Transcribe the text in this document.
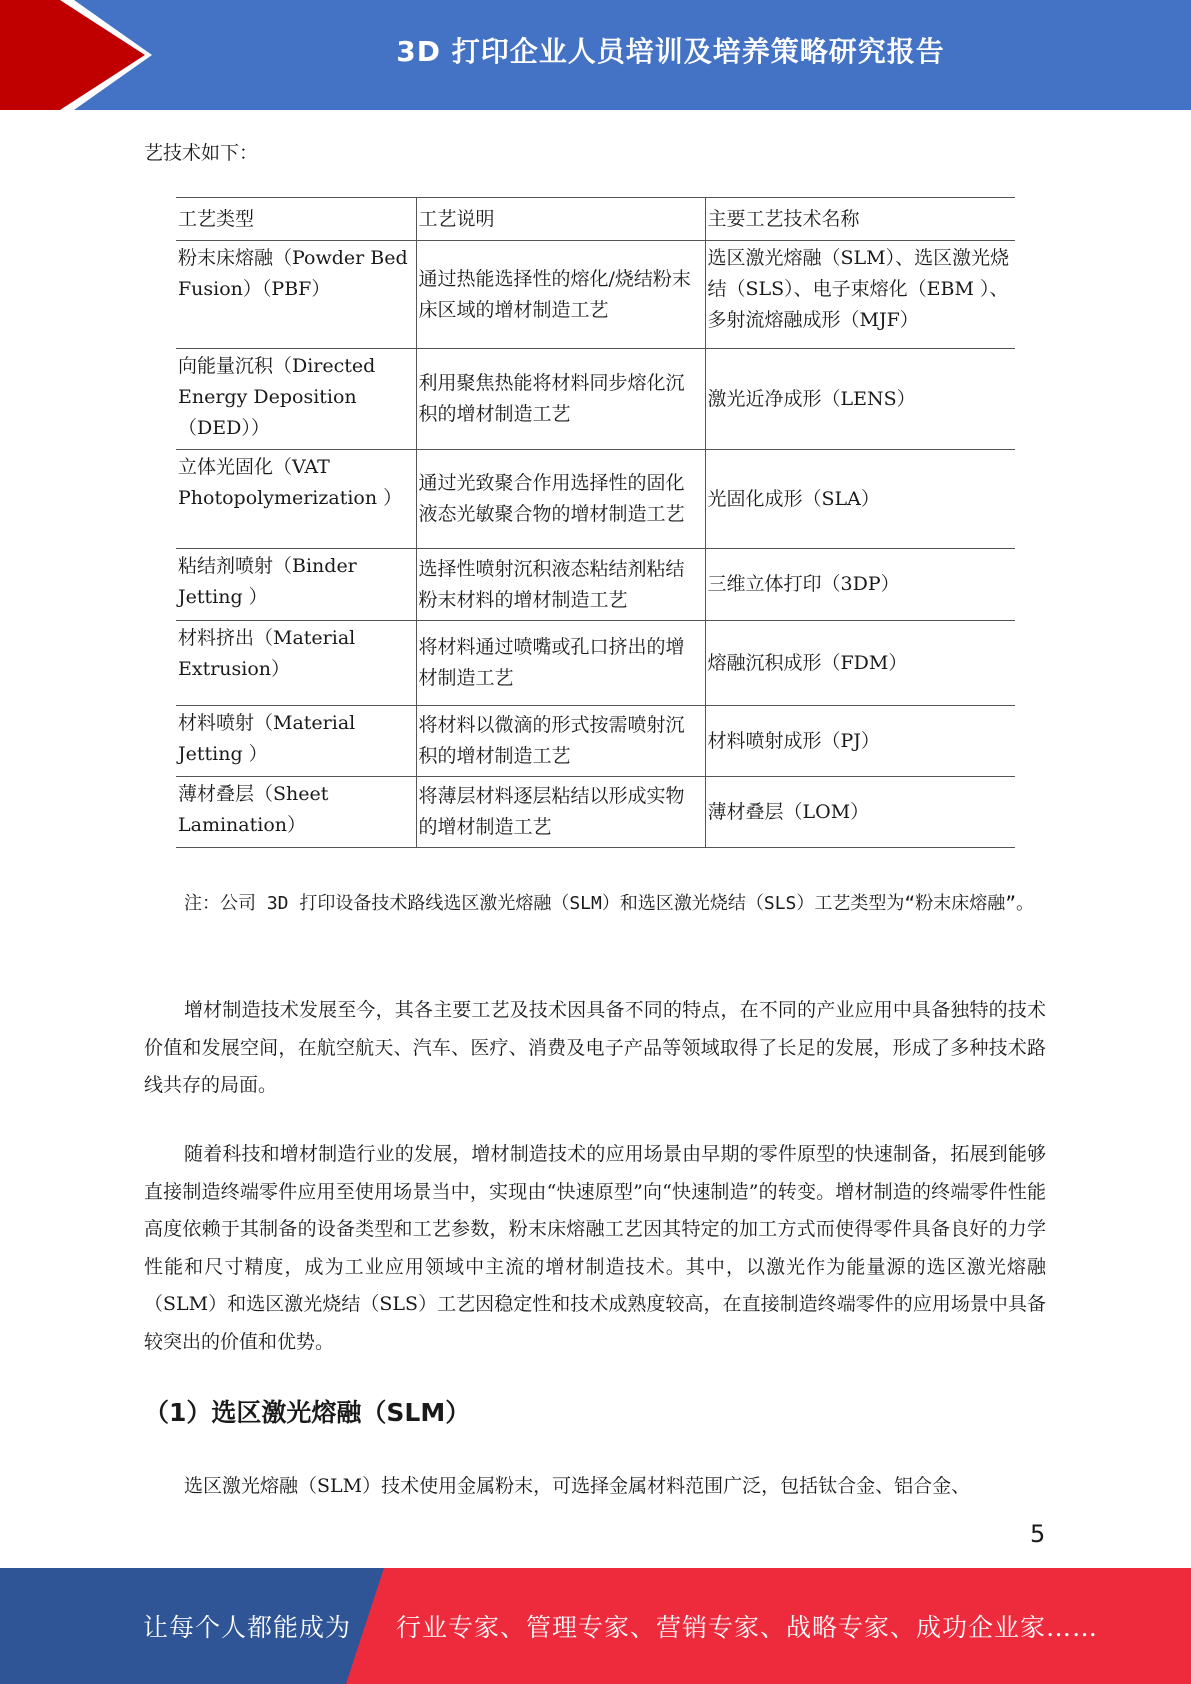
3D 打印企业人员培训及培养策略研究报告
艺技术如下：
工艺类型	工艺说明	主要工艺技术名称
粉末床熔融（Powder Bed Fusion）（PBF）	通过热能选择性的熔化/烧结粉末床区域的增材制造工艺	选区激光熔融（SLM）、选区激光烧结（SLS）、电子束熔化（EBM ）、多射流熔融成形（MJF）

向能量沉积（Directed Energy Deposition （DED））	利用聚焦热能将材料同步熔化沉积的增材制造工艺	激光近净成形（LENS）
立体光固化（VAT Photopolymerization ）	通过光致聚合作用选择性的固化液态光敏聚合物的增材制造工艺	光固化成形（SLA）
粘结剂喷射（Binder Jetting ）	选择性喷射沉积液态粘结剂粘结粉末材料的增材制造工艺	三维立体打印（3DP）
材料挤出（Material Extrusion）	将材料通过喷嘴或孔口挤出的增材制造工艺	熔融沉积成形（FDM）
材料喷射（Material Jetting ）	将材料以微滴的形式按需喷射沉积的增材制造工艺	材料喷射成形（PJ）
薄材叠层（Sheet Lamination）	将薄层材料逐层粘结以形成实物的增材制造工艺	薄材叠层（LOM）
注：公司 3D 打印设备技术路线选区激光熔融（SLM）和选区激光烧结（SLS）工艺类型为“粉末床熔融”。
增材制造技术发展至今，其各主要工艺及技术因具备不同的特点，在不同的产业应用中具备独特的技术价值和发展空间，在航空航天、汽车、医疗、消费及电子产品等领域取得了长足的发展，形成了多种技术路线共存的局面。
随着科技和增材制造行业的发展，增材制造技术的应用场景由早期的零件原型的快速制备，拓展到能够直接制造终端零件应用至使用场景当中，实现由“快速原型”向“快速制造”的转变。增材制造的终端零件性能高度依赖于其制备的设备类型和工艺参数，粉末床熔融工艺因其特定的加工方式而使得零件具备良好的力学性能和尺寸精度，成为工业应用领域中主流的增材制造技术。其中，以激光作为能量源的选区激光熔融（SLM）和选区激光烧结（SLS）工艺因稳定性和技术成熟度较高，在直接制造终端零件的应用场景中具备较突出的价值和优势。
（1）选区激光熔融（SLM）
选区激光熔融（SLM）技术使用金属粉末，可选择金属材料范围广泛，包括钛合金、铝合金、
5
让每个人都能成为 行业专家、管理专家、营销专家、战略专家、成功企业家……
